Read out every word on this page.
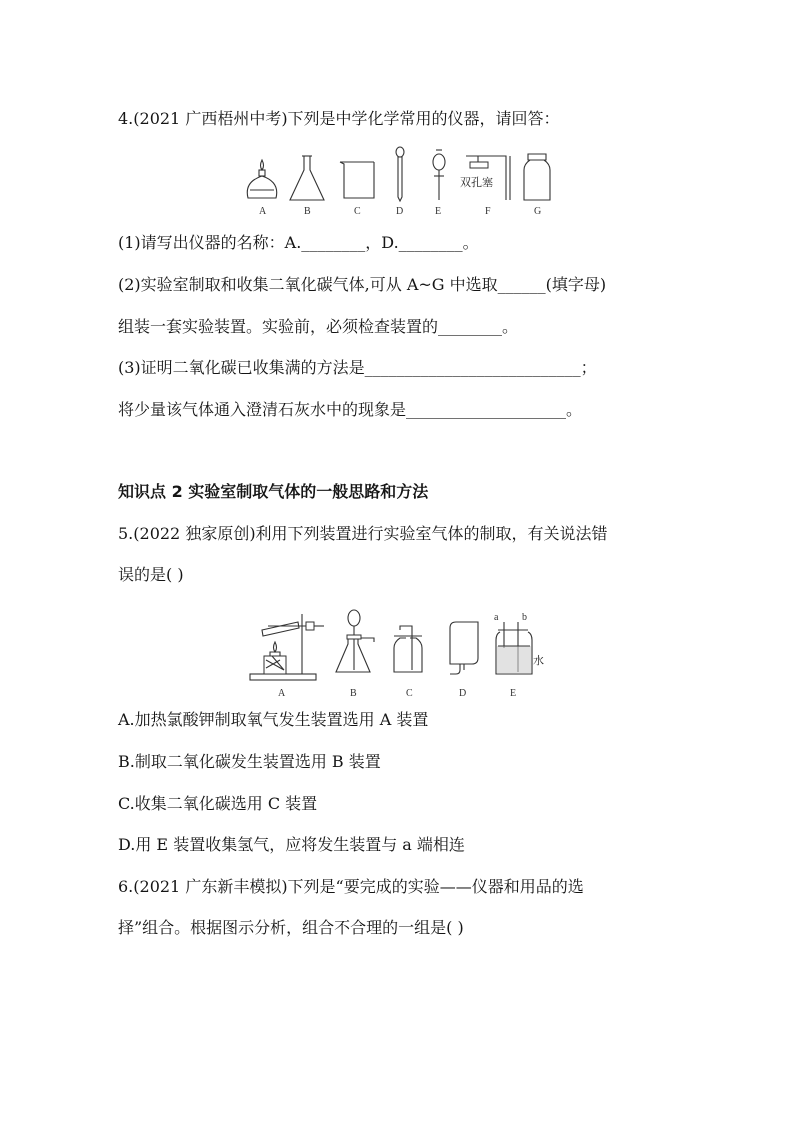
4.(2021 广西梧州中考)下列是中学化学常用的仪器，请回答：
A	B	C	D	E
双孔塞
F	G
(1)请写出仪器的名称：A.________，D.________。
(2)实验室制取和收集二氧化碳气体,可从 A~G 中选取______(填字母)
组装一套实验装置。实验前，必须检查装置的________。
(3)证明二氧化碳已收集满的方法是___________________________；
将少量该气体通入澄清石灰水中的现象是____________________。
知识点 2 实验室制取气体的一般思路和方法
5.(2022 独家原创)利用下列装置进行实验室气体的制取，有关说法错
误的是( )
A	B	C	D
a b
水
E
A.加热氯酸钾制取氧气发生装置选用 A 装置
B.制取二氧化碳发生装置选用 B 装置
C.收集二氧化碳选用 C 装置
D.用 E 装置收集氢气，应将发生装置与 a 端相连
6.(2021 广东新丰模拟)下列是“要完成的实验——仪器和用品的选
择”组合。根据图示分析，组合不合理的一组是( )
